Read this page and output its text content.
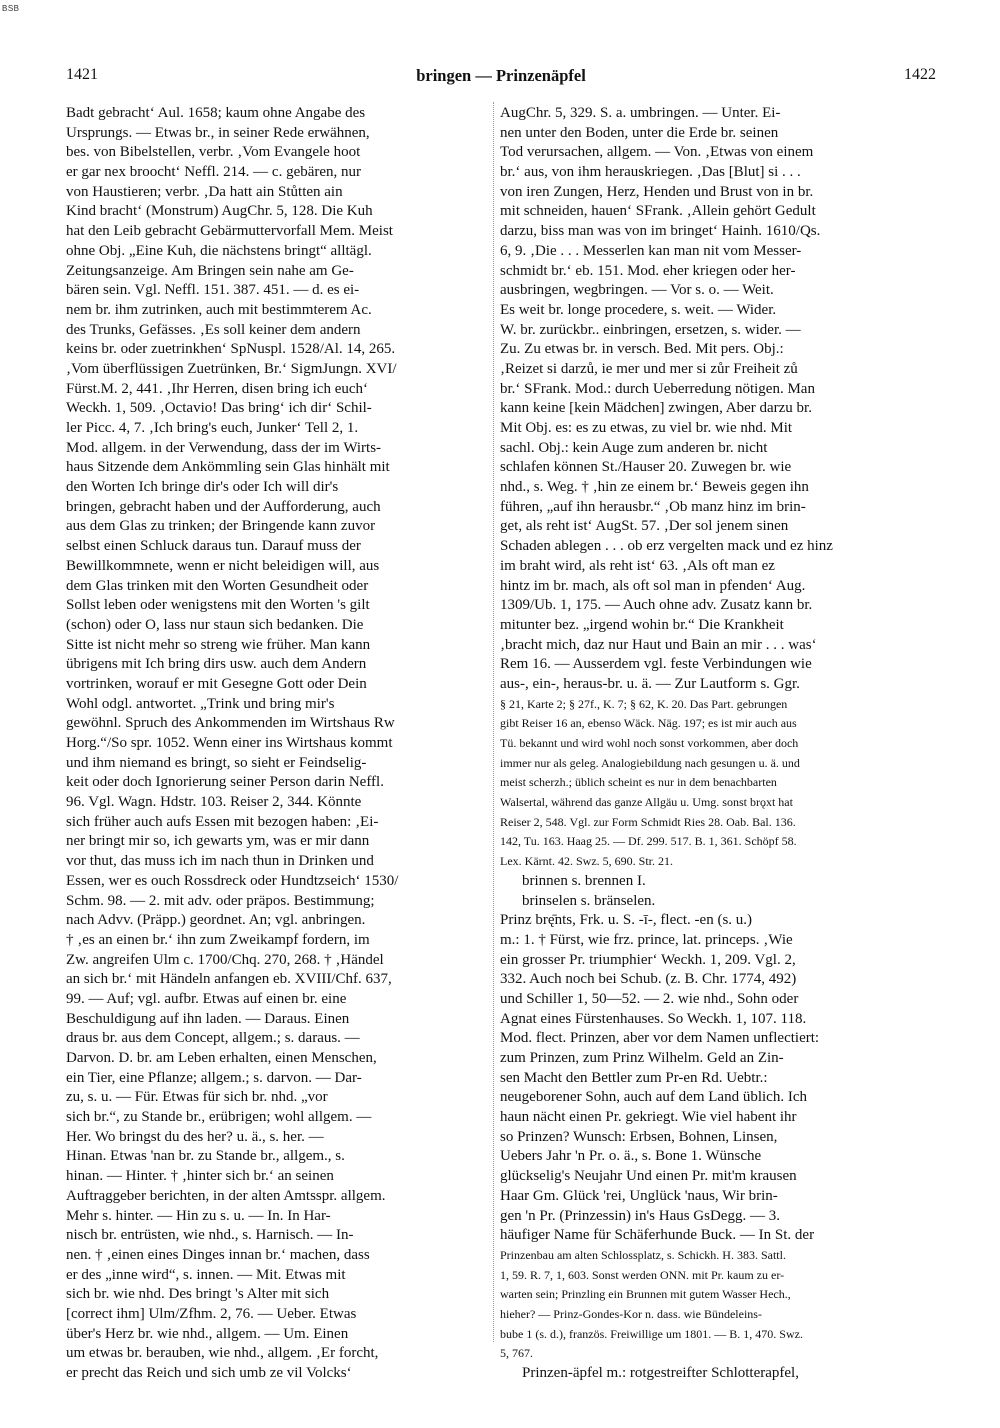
BSB
1421	bringen — Prinzenäpfel	1422
Badt gebracht‘ Aul. 1658; kaum ohne Angabe des
Ursprungs. — Etwas br., in seiner Rede erwähnen,
bes. von Bibelstellen, verbr. ‚Vom Evangele hoot
er gar nex broocht‘ Neffl. 214. — c. gebären, nur
von Haustieren; verbr. ‚Da hatt ain Stůtten ain
Kind bracht‘ (Monstrum) AugChr. 5, 128. Die Kuh
hat den Leib gebracht Gebärmuttervorfall Mem. Meist
ohne Obj. „Eine Kuh, die nächstens bringt“ alltägl.
Zeitungsanzeige. Am Bringen sein nahe am Ge-
bären sein. Vgl. Neffl. 151. 387. 451. — d. es ei-
nem br. ihm zutrinken, auch mit bestimmterem Ac.
des Trunks, Gefässes. ‚Es soll keiner dem andern
keins br. oder zuetrinkhen‘ SpNuspl. 1528/Al. 14, 265.
‚Vom überflüssigen Zuetrünken, Br.‘ SigmJungn. XVI/
Fürst.M. 2, 441. ‚Ihr Herren, disen bring ich euch‘
Weckh. 1, 509. ‚Octavio! Das bring‘ ich dir‘ Schil-
ler Picc. 4, 7. ‚Ich bring's euch, Junker‘ Tell 2, 1.
Mod. allgem. in der Verwendung, dass der im Wirts-
haus Sitzende dem Ankömmling sein Glas hinhält mit
den Worten Ich bringe dir's oder Ich will dir's
bringen, gebracht haben und der Aufforderung, auch
aus dem Glas zu trinken; der Bringende kann zuvor
selbst einen Schluck daraus tun. Darauf muss der
Bewillkommnete, wenn er nicht beleidigen will, aus
dem Glas trinken mit den Worten Gesundheit oder
Sollst leben oder wenigstens mit den Worten 's gilt
(schon) oder O, lass nur staun sich bedanken. Die
Sitte ist nicht mehr so streng wie früher. Man kann
übrigens mit Ich bring dirs usw. auch dem Andern
vortrinken, worauf er mit Gesegne Gott oder Dein
Wohl odgl. antwortet. „Trink und bring mir's
gewöhnl. Spruch des Ankommenden im Wirtshaus Rw
Horg.“/So spr. 1052. Wenn einer ins Wirtshaus kommt
und ihm niemand es bringt, so sieht er Feindselig-
keit oder doch Ignorierung seiner Person darin Neffl.
96. Vgl. Wagn. Hdstr. 103. Reiser 2, 344. Könnte
sich früher auch aufs Essen mit bezogen haben: ‚Ei-
ner bringt mir so, ich gewarts ym, was er mir dann
vor thut, das muss ich im nach thun in Drinken und
Essen, wer es ouch Rossdreck oder Hundtzseich‘ 1530/
Schm. 98. — 2. mit adv. oder präpos. Bestimmung;
nach Advv. (Präpp.) geordnet. An; vgl. anbringen.
† ‚es an einen br.‘ ihn zum Zweikampf fordern, im
Zw. angreifen Ulm c. 1700/Chq. 270, 268. † ‚Händel
an sich br.‘ mit Händeln anfangen eb. XVIII/Chf. 637,
99. — Auf; vgl. aufbr. Etwas auf einen br. eine
Beschuldigung auf ihn laden. — Daraus. Einen
draus br. aus dem Concept, allgem.; s. daraus. —
Darvon. D. br. am Leben erhalten, einen Menschen,
ein Tier, eine Pflanze; allgem.; s. darvon. — Dar-
zu, s. u. — Für. Etwas für sich br. nhd. „vor
sich br.“, zu Stande br., erübrigen; wohl allgem. —
Her. Wo bringst du des her? u. ä., s. her. —
Hinan. Etwas 'nan br. zu Stande br., allgem., s.
hinan. — Hinter. † ‚hinter sich br.‘ an seinen
Auftraggeber berichten, in der alten Amtsspr. allgem.
Mehr s. hinter. — Hin zu s. u. — In. In Har-
nisch br. entrüsten, wie nhd., s. Harnisch. — In-
nen. † ‚einen eines Dinges innan br.‘ machen, dass
er des „inne wird“, s. innen. — Mit. Etwas mit
sich br. wie nhd. Des bringt 's Alter mit sich
[correct ihm] Ulm/Zfhm. 2, 76. — Ueber. Etwas
über's Herz br. wie nhd., allgem. — Um. Einen
um etwas br. berauben, wie nhd., allgem. ‚Er forcht,
er precht das Reich und sich umb ze vil Volcks‘
AugChr. 5, 329. S. a. umbringen. — Unter. Ei-
nen unter den Boden, unter die Erde br. seinen
Tod verursachen, allgem. — Von. ‚Etwas von einem
br.‘ aus, von ihm herauskriegen. ‚Das [Blut] si . . .
von iren Zungen, Herz, Henden und Brust von in br.
mit schneiden, hauen‘ SFrank. ‚Allein gehört Gedult
darzu, biss man was von im bringet‘ Hainh. 1610/Qs.
6, 9. ‚Die . . . Messerlen kan man nit vom Messer-
schmidt br.‘ eb. 151. Mod. eher kriegen oder her-
ausbringen, wegbringen. — Vor s. o. — Weit.
Es weit br. longe procedere, s. weit. — Wider.
W. br. zurückbr.. einbringen, ersetzen, s. wider. —
Zu. Zu etwas br. in versch. Bed. Mit pers. Obj.:
‚Reizet si darzů, ie mer und mer si zůr Freiheit zů
br.‘ SFrank. Mod.: durch Ueberredung nötigen. Man
kann keine [kein Mädchen] zwingen, Aber darzu br.
Mit Obj. es: es zu etwas, zu viel br. wie nhd. Mit
sachl. Obj.: kein Auge zum anderen br. nicht
schlafen können St./Hauser 20. Zuwegen br. wie
nhd., s. Weg. † ‚hin ze einem br.‘ Beweis gegen ihn
führen, „auf ihn herausbr.“ ‚Ob manz hinz im brin-
get, als reht ist‘ AugSt. 57. ‚Der sol jenem sinen
Schaden ablegen . . . ob erz vergelten mack und ez hinz
im braht wird, als reht ist‘ 63. ‚Als oft man ez
hintz im br. mach, als oft sol man in pfenden‘ Aug.
1309/Ub. 1, 175. — Auch ohne adv. Zusatz kann br.
mitunter bez. „irgend wohin br.“ Die Krankheit
‚bracht mich, daz nur Haut und Bain an mir . . . was‘
Rem 16. — Ausserdem vgl. feste Verbindungen wie
aus-, ein-, heraus-br. u. ä. — Zur Lautform s. Ggr.
§ 21, Karte 2; § 27f., K. 7; § 62, K. 20. Das Part. gebrungen
gibt Reiser 16 an, ebenso Wäck. Näg. 197; es ist mir auch aus
Tü. bekannt und wird wohl noch sonst vorkommen, aber doch
immer nur als geleg. Analogiebildung nach gesungen u. ä. und
meist scherzh.; üblich scheint es nur in dem benachbarten
Walsertal, während das ganze Allgäu u. Umg. sonst brǫxt hat
Reiser 2, 548. Vgl. zur Form Schmidt Ries 28. Oab. Bal. 136.
142, Tu. 163. Haag 25. — Df. 299. 517. B. 1, 361. Schöpf 58.
Lex. Kärnt. 42. Swz. 5, 690. Str. 21.
brinnen s. brennen I.
brinselen s. bränselen.
Prinz brę̄nts, Frk. u. S. -ī-, flect. -en (s. u.)
m.: 1. † Fürst, wie frz. prince, lat. princeps. ‚Wie
ein grosser Pr. triumphier‘ Weckh. 1, 209. Vgl. 2,
332. Auch noch bei Schub. (z. B. Chr. 1774, 492)
und Schiller 1, 50—52. — 2. wie nhd., Sohn oder
Agnat eines Fürstenhauses. So Weckh. 1, 107. 118.
Mod. flect. Prinzen, aber vor dem Namen unflectiert:
zum Prinzen, zum Prinz Wilhelm. Geld an Zin-
sen Macht den Bettler zum Pr-en Rd. Uebtr.:
neugeborener Sohn, auch auf dem Land üblich. Ich
haun nächt einen Pr. gekriegt. Wie viel habent ihr
so Prinzen? Wunsch: Erbsen, Bohnen, Linsen,
Uebers Jahr 'n Pr. o. ä., s. Bone 1. Wünsche
glückselig's Neujahr Und einen Pr. mit'm krausen
Haar Gm. Glück 'rei, Unglück 'naus, Wir brin-
gen 'n Pr. (Prinzessin) in's Haus GsDegg. — 3.
häufiger Name für Schäferhunde Buck. — In St. der
Prinzenbau am alten Schlossplatz, s. Schickh. H. 383. Sattl.
1, 59. R. 7, 1, 603. Sonst werden ONN. mit Pr. kaum zu er-
warten sein; Prinzling ein Brunnen mit gutem Wasser Hech.,
hieher? — Prinz-Gondes-Kor n. dass. wie Bündeleins-
bube 1 (s. d.), französ. Freiwillige um 1801. — B. 1, 470. Swz.
5, 767.
Prinzen-äpfel m.: rotgestreifter Schlotterapfel,
